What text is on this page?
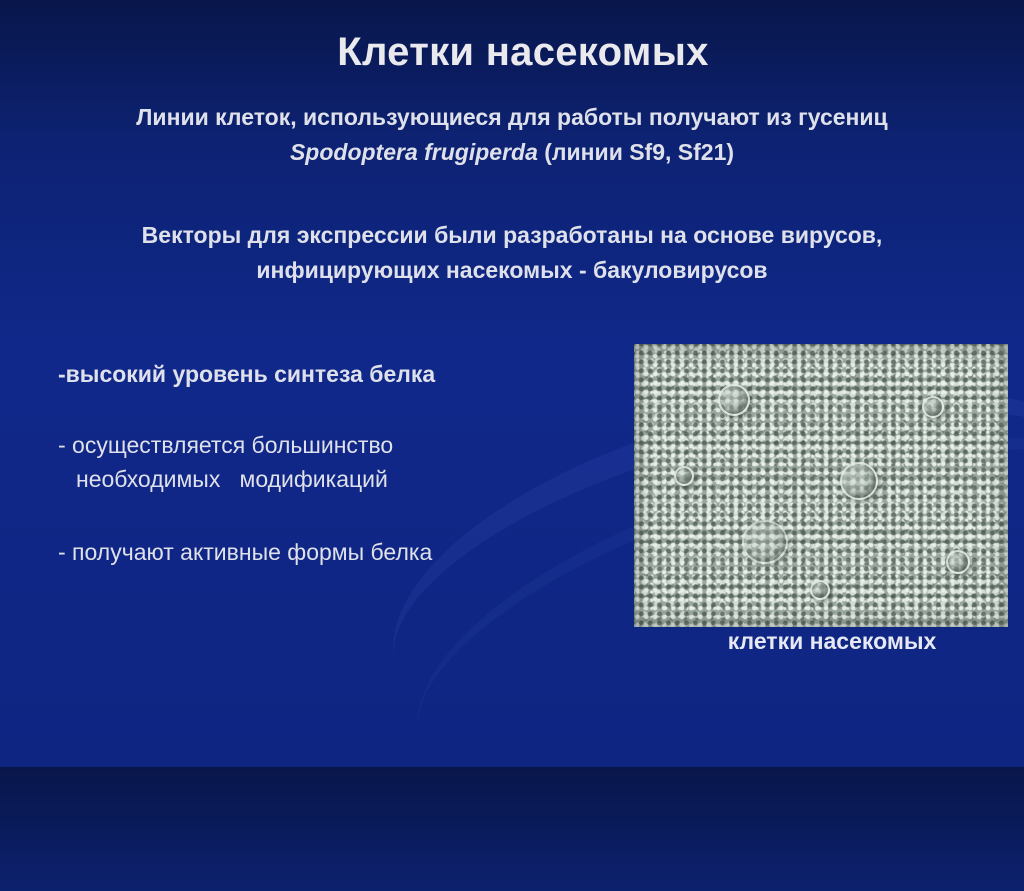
Клетки насекомых
Линии клеток, использующиеся для работы получают из гусениц
Spodoptera frugiperda (линии Sf9, Sf21)
Векторы для экспрессии были разработаны на основе вирусов,
инфицирующих насекомых - бакуловирусов
-высокий уровень синтеза белка
- осуществляется большинство
необходимых   модификаций
- получают активные формы белка
клетки насекомых
